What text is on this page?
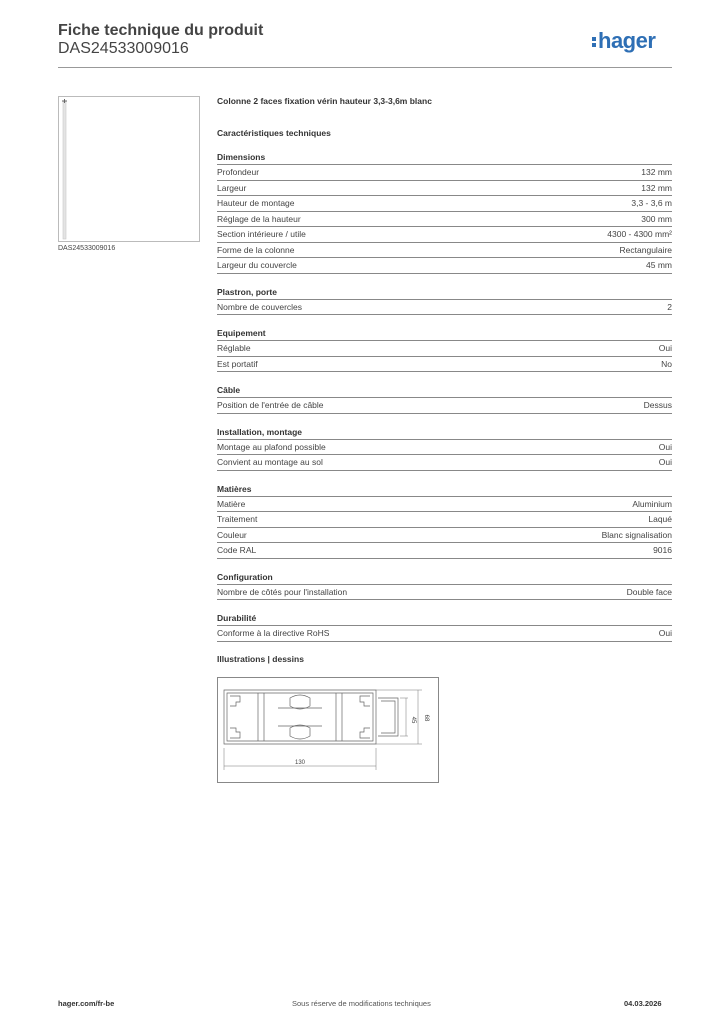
Fiche technique du produit
DAS24533009016	hager
DAS24533009016
Colonne 2 faces fixation vérin hauteur 3,3-3,6m blanc
Caractéristiques techniques
Dimensions
Profondeur	132 mm
Largeur	132 mm
Hauteur de montage	3,3 - 3,6 m
Réglage de la hauteur	300 mm
Section intérieure / utile	4300 - 4300 mm²
Forme de la colonne	Rectangulaire
Largeur du couvercle	45 mm
Plastron, porte
Nombre de couvercles	2
Equipement
Réglable	Oui
Est portatif	No
Câble
Position de l'entrée de câble	Dessus
Installation, montage
Montage au plafond possible	Oui
Convient au montage au sol	Oui
Matières
Matière	Aluminium
Traitement	Laqué
Couleur	Blanc signalisation
Code RAL	9016
Configuration
Nombre de côtés pour l'installation	Double face
Durabilité
Conforme à la directive RoHS	Oui
Illustrations | dessins
130
45 68
hager.com/fr-be	Sous réserve de modifications techniques	04.03.2026
